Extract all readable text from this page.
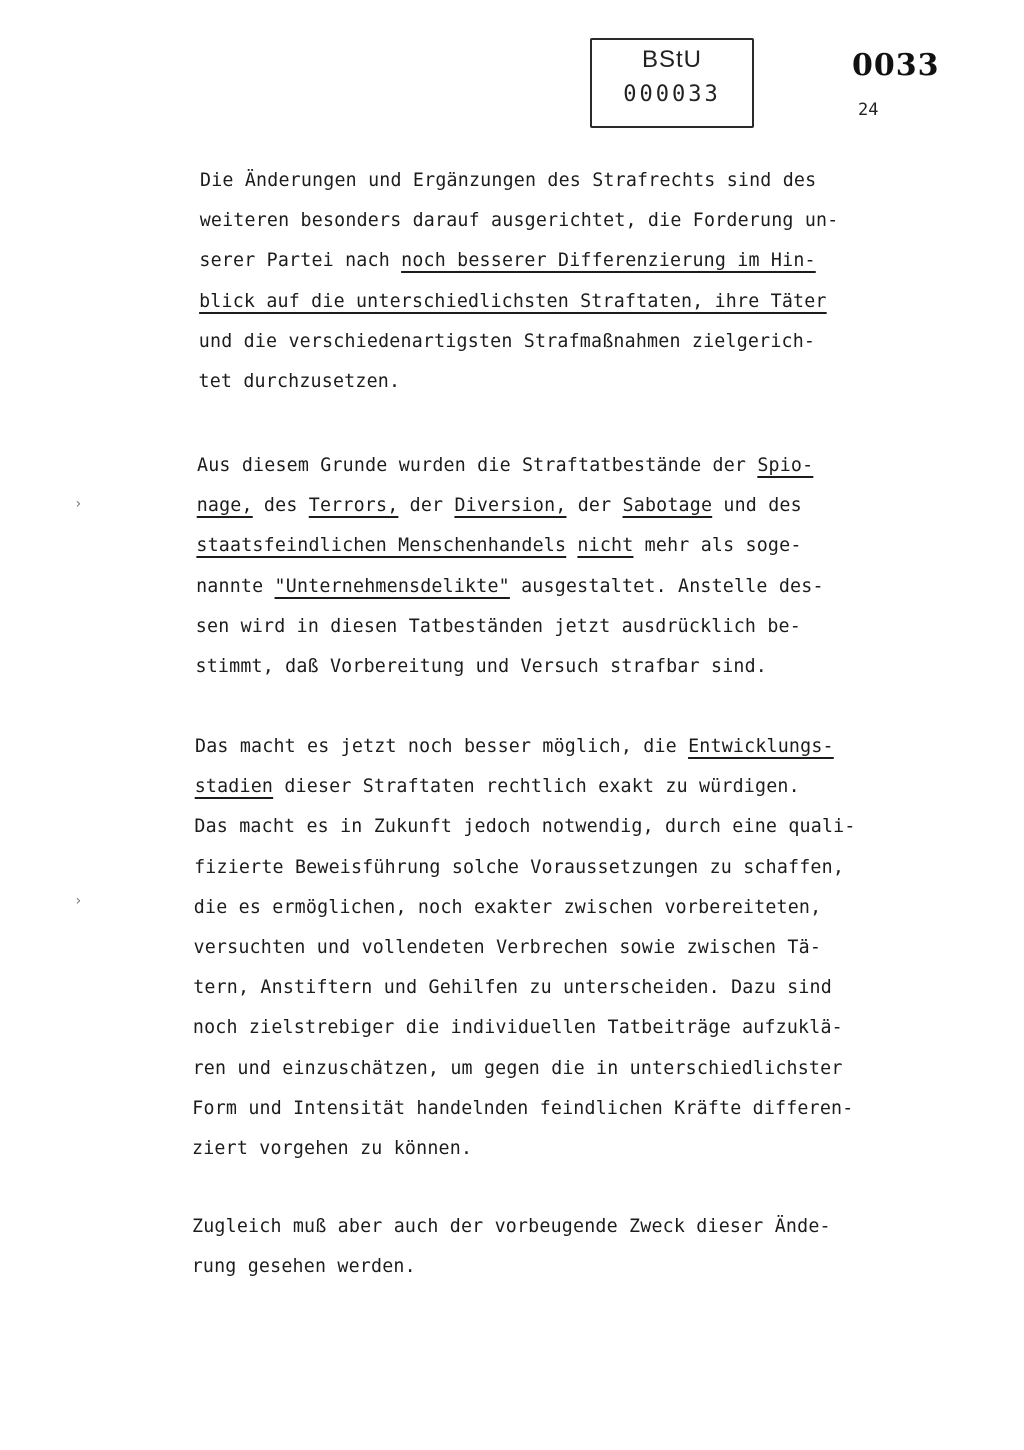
BStU
000033
0033
24
›
›
Die Änderungen und Ergänzungen des Strafrechts sind des
weiteren besonders darauf ausgerichtet, die Forderung un-
serer Partei nach noch besserer Differenzierung im Hin-
blick auf die unterschiedlichsten Straftaten, ihre Täter
und die verschiedenartigsten Strafmaßnahmen zielgerich-
tet durchzusetzen.
Aus diesem Grunde wurden die Straftatbestände der Spio-
nage, des Terrors, der Diversion, der Sabotage und des
staatsfeindlichen Menschenhandels nicht mehr als soge-
nannte "Unternehmensdelikte" ausgestaltet. Anstelle des-
sen wird in diesen Tatbeständen jetzt ausdrücklich be-
stimmt, daß Vorbereitung und Versuch strafbar sind.
Das macht es jetzt noch besser möglich, die Entwicklungs-
stadien dieser Straftaten rechtlich exakt zu würdigen.
Das macht es in Zukunft jedoch notwendig, durch eine quali-
fizierte Beweisführung solche Voraussetzungen zu schaffen,
die es ermöglichen, noch exakter zwischen vorbereiteten,
versuchten und vollendeten Verbrechen sowie zwischen Tä-
tern, Anstiftern und Gehilfen zu unterscheiden. Dazu sind
noch zielstrebiger die individuellen Tatbeiträge aufzuklä-
ren und einzuschätzen, um gegen die in unterschiedlichster
Form und Intensität handelnden feindlichen Kräfte differen-
ziert vorgehen zu können.
Zugleich muß aber auch der vorbeugende Zweck dieser Ände-
rung gesehen werden.
